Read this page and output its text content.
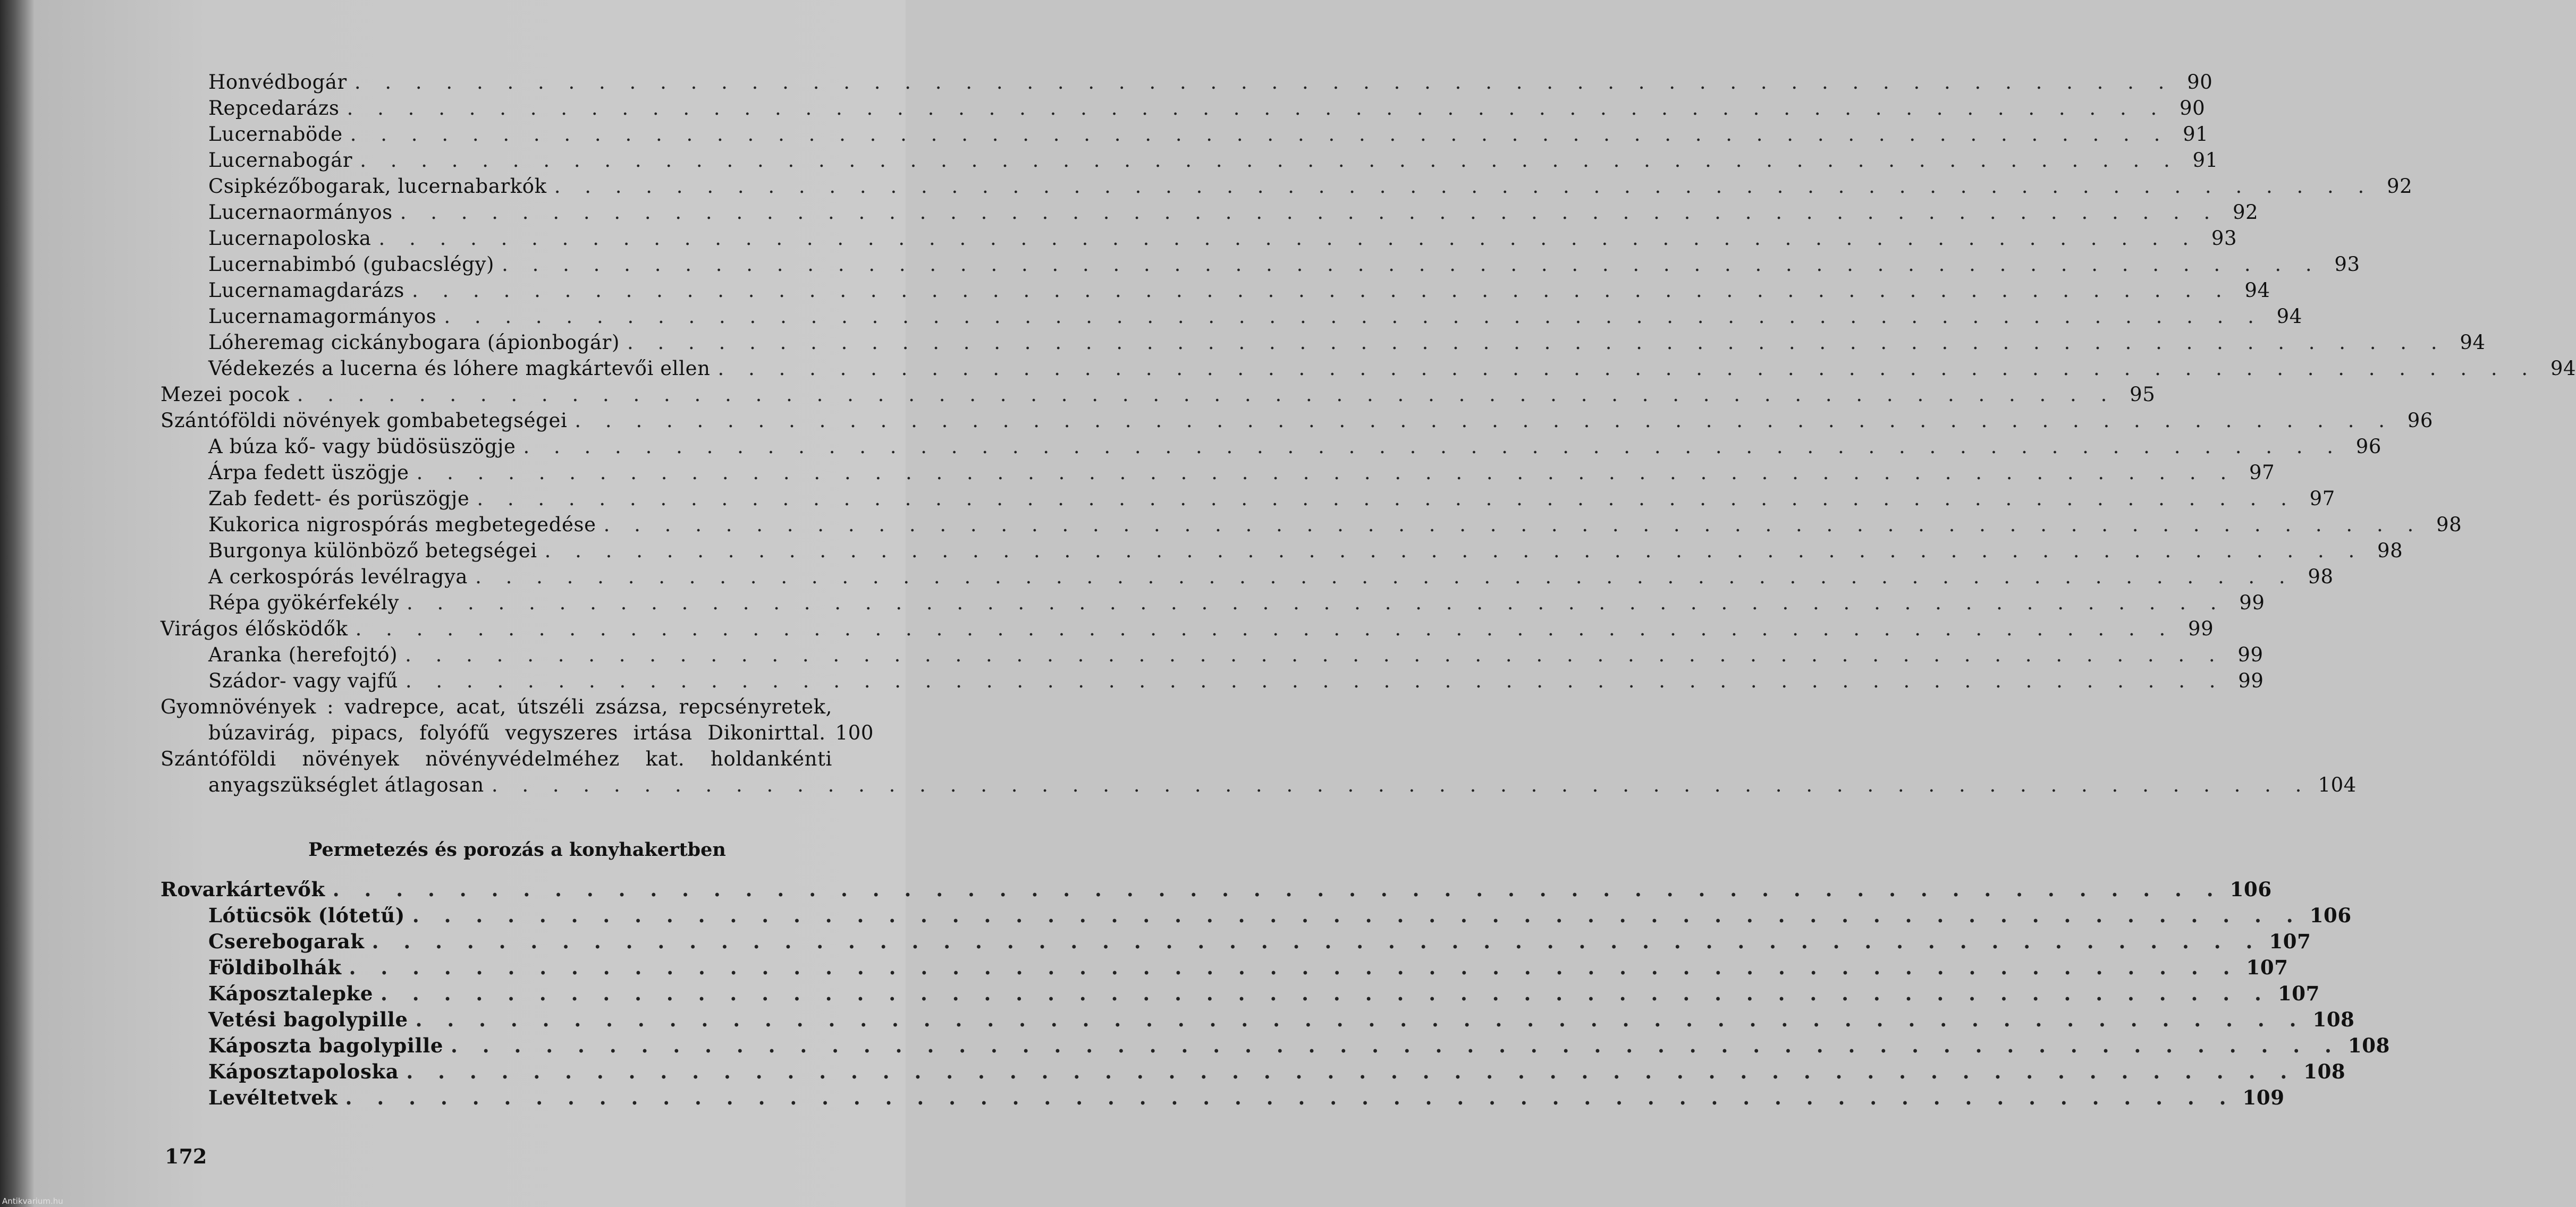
Honvédbogár . . . . . . . . . . . . . . . . . . . . . . . . . . . . . . . . . . . . . . . . . . . . . . . . . . . . . . . . . . . . 90
Repcedarázs . . . . . . . . . . . . . . . . . . . . . . . . . . . . . . . . . . . . . . . . . . . . . . . . . . . . . . . . . . . . 90
Lucernaböde . . . . . . . . . . . . . . . . . . . . . . . . . . . . . . . . . . . . . . . . . . . . . . . . . . . . . . . . . . . . 91
Lucernabogár . . . . . . . . . . . . . . . . . . . . . . . . . . . . . . . . . . . . . . . . . . . . . . . . . . . . . . . . . . . . 91
Csipkézőbogarak, lucernabarkók . . . . . . . . . . . . . . . . . . . . . . . . . . . . . . . . . . . . . . . . . . . . . . . . . . . . . . . . . . . . 92
Lucernaormányos . . . . . . . . . . . . . . . . . . . . . . . . . . . . . . . . . . . . . . . . . . . . . . . . . . . . . . . . . . . . 92
Lucernapoloska . . . . . . . . . . . . . . . . . . . . . . . . . . . . . . . . . . . . . . . . . . . . . . . . . . . . . . . . . . . . 93
Lucernabimbó (gubacslégy) . . . . . . . . . . . . . . . . . . . . . . . . . . . . . . . . . . . . . . . . . . . . . . . . . . . . . . . . . . . . 93
Lucernamagdarázs . . . . . . . . . . . . . . . . . . . . . . . . . . . . . . . . . . . . . . . . . . . . . . . . . . . . . . . . . . . . 94
Lucernamagormányos . . . . . . . . . . . . . . . . . . . . . . . . . . . . . . . . . . . . . . . . . . . . . . . . . . . . . . . . . . . . 94
Lóheremag cickánybogara (ápionbogár) . . . . . . . . . . . . . . . . . . . . . . . . . . . . . . . . . . . . . . . . . . . . . . . . . . . . . . . . . . . . 94
Védekezés a lucerna és lóhere magkártevői ellen . . . . . . . . . . . . . . . . . . . . . . . . . . . . . . . . . . . . . . . . . . . . . . . . . . . . . . . . . . . . 94
Mezei pocok . . . . . . . . . . . . . . . . . . . . . . . . . . . . . . . . . . . . . . . . . . . . . . . . . . . . . . . . . . . . 95
Szántóföldi növények gombabetegségei . . . . . . . . . . . . . . . . . . . . . . . . . . . . . . . . . . . . . . . . . . . . . . . . . . . . . . . . . . . . 96
A búza kő- vagy büdösüszögje . . . . . . . . . . . . . . . . . . . . . . . . . . . . . . . . . . . . . . . . . . . . . . . . . . . . . . . . . . . . 96
Árpa fedett üszögje . . . . . . . . . . . . . . . . . . . . . . . . . . . . . . . . . . . . . . . . . . . . . . . . . . . . . . . . . . . . 97
Zab fedett- és porüszögje . . . . . . . . . . . . . . . . . . . . . . . . . . . . . . . . . . . . . . . . . . . . . . . . . . . . . . . . . . . . 97
Kukorica nigrospórás megbetegedése . . . . . . . . . . . . . . . . . . . . . . . . . . . . . . . . . . . . . . . . . . . . . . . . . . . . . . . . . . . . 98
Burgonya különböző betegségei . . . . . . . . . . . . . . . . . . . . . . . . . . . . . . . . . . . . . . . . . . . . . . . . . . . . . . . . . . . . 98
A cerkospórás levélragya . . . . . . . . . . . . . . . . . . . . . . . . . . . . . . . . . . . . . . . . . . . . . . . . . . . . . . . . . . . . 98
Répa gyökérfekély . . . . . . . . . . . . . . . . . . . . . . . . . . . . . . . . . . . . . . . . . . . . . . . . . . . . . . . . . . . . 99
Virágos élősködők . . . . . . . . . . . . . . . . . . . . . . . . . . . . . . . . . . . . . . . . . . . . . . . . . . . . . . . . . . . . 99
Aranka (herefojtó) . . . . . . . . . . . . . . . . . . . . . . . . . . . . . . . . . . . . . . . . . . . . . . . . . . . . . . . . . . . . 99
Szádor- vagy vajfű . . . . . . . . . . . . . . . . . . . . . . . . . . . . . . . . . . . . . . . . . . . . . . . . . . . . . . . . . . . . 99
Gyomnövények : vadrepce, acat, útszéli zsázsa, repcsényretek,
búzavirág, pipacs, folyófű vegyszeres irtása Dikonirttal. 100
Szántóföldi növények növényvédelméhez kat. holdankénti
anyagszükséglet átlagosan . . . . . . . . . . . . . . . . . . . . . . . . . . . . . . . . . . . . . . . . . . . . . . . . . . . . . . . . . . . . 104
Permetezés és porozás a konyhakertben
Rovarkártevők . . . . . . . . . . . . . . . . . . . . . . . . . . . . . . . . . . . . . . . . . . . . . . . . . . . . . . . . . . . . 106
Lótücsök (lótetű) . . . . . . . . . . . . . . . . . . . . . . . . . . . . . . . . . . . . . . . . . . . . . . . . . . . . . . . . . . . . 106
Cserebogarak . . . . . . . . . . . . . . . . . . . . . . . . . . . . . . . . . . . . . . . . . . . . . . . . . . . . . . . . . . . . 107
Földibolhák . . . . . . . . . . . . . . . . . . . . . . . . . . . . . . . . . . . . . . . . . . . . . . . . . . . . . . . . . . . . 107
Káposztalepke . . . . . . . . . . . . . . . . . . . . . . . . . . . . . . . . . . . . . . . . . . . . . . . . . . . . . . . . . . . . 107
Vetési bagolypille . . . . . . . . . . . . . . . . . . . . . . . . . . . . . . . . . . . . . . . . . . . . . . . . . . . . . . . . . . . . 108
Káposzta bagolypille . . . . . . . . . . . . . . . . . . . . . . . . . . . . . . . . . . . . . . . . . . . . . . . . . . . . . . . . . . . . 108
Káposztapoloska . . . . . . . . . . . . . . . . . . . . . . . . . . . . . . . . . . . . . . . . . . . . . . . . . . . . . . . . . . . . 108
Levéltetvek . . . . . . . . . . . . . . . . . . . . . . . . . . . . . . . . . . . . . . . . . . . . . . . . . . . . . . . . . . . . 109
172
Antikvarium.hu
